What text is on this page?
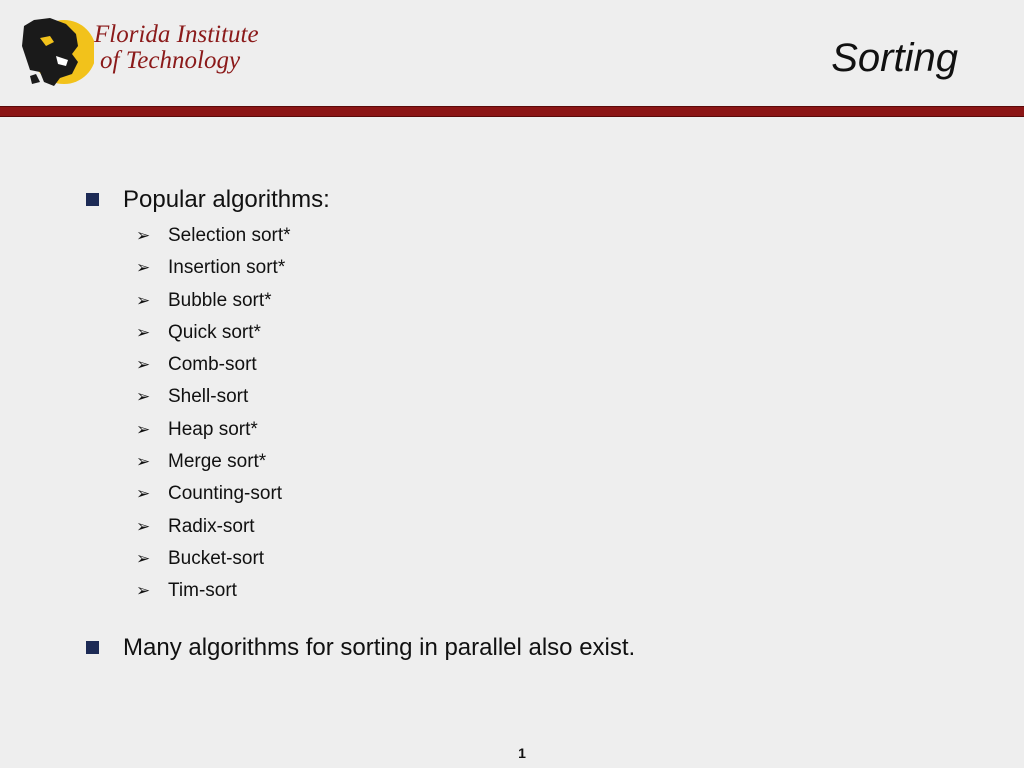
Florida Institute
of Technology	Sorting
Popular algorithms:
➢ Selection sort*
➢ Insertion sort*
➢ Bubble sort*
➢ Quick sort*
➢ Comb-sort
➢ Shell-sort
➢ Heap sort*
➢ Merge sort*
➢ Counting-sort
➢ Radix-sort
➢ Bucket-sort
➢ Tim-sort
Many algorithms for sorting in parallel also exist.
1
